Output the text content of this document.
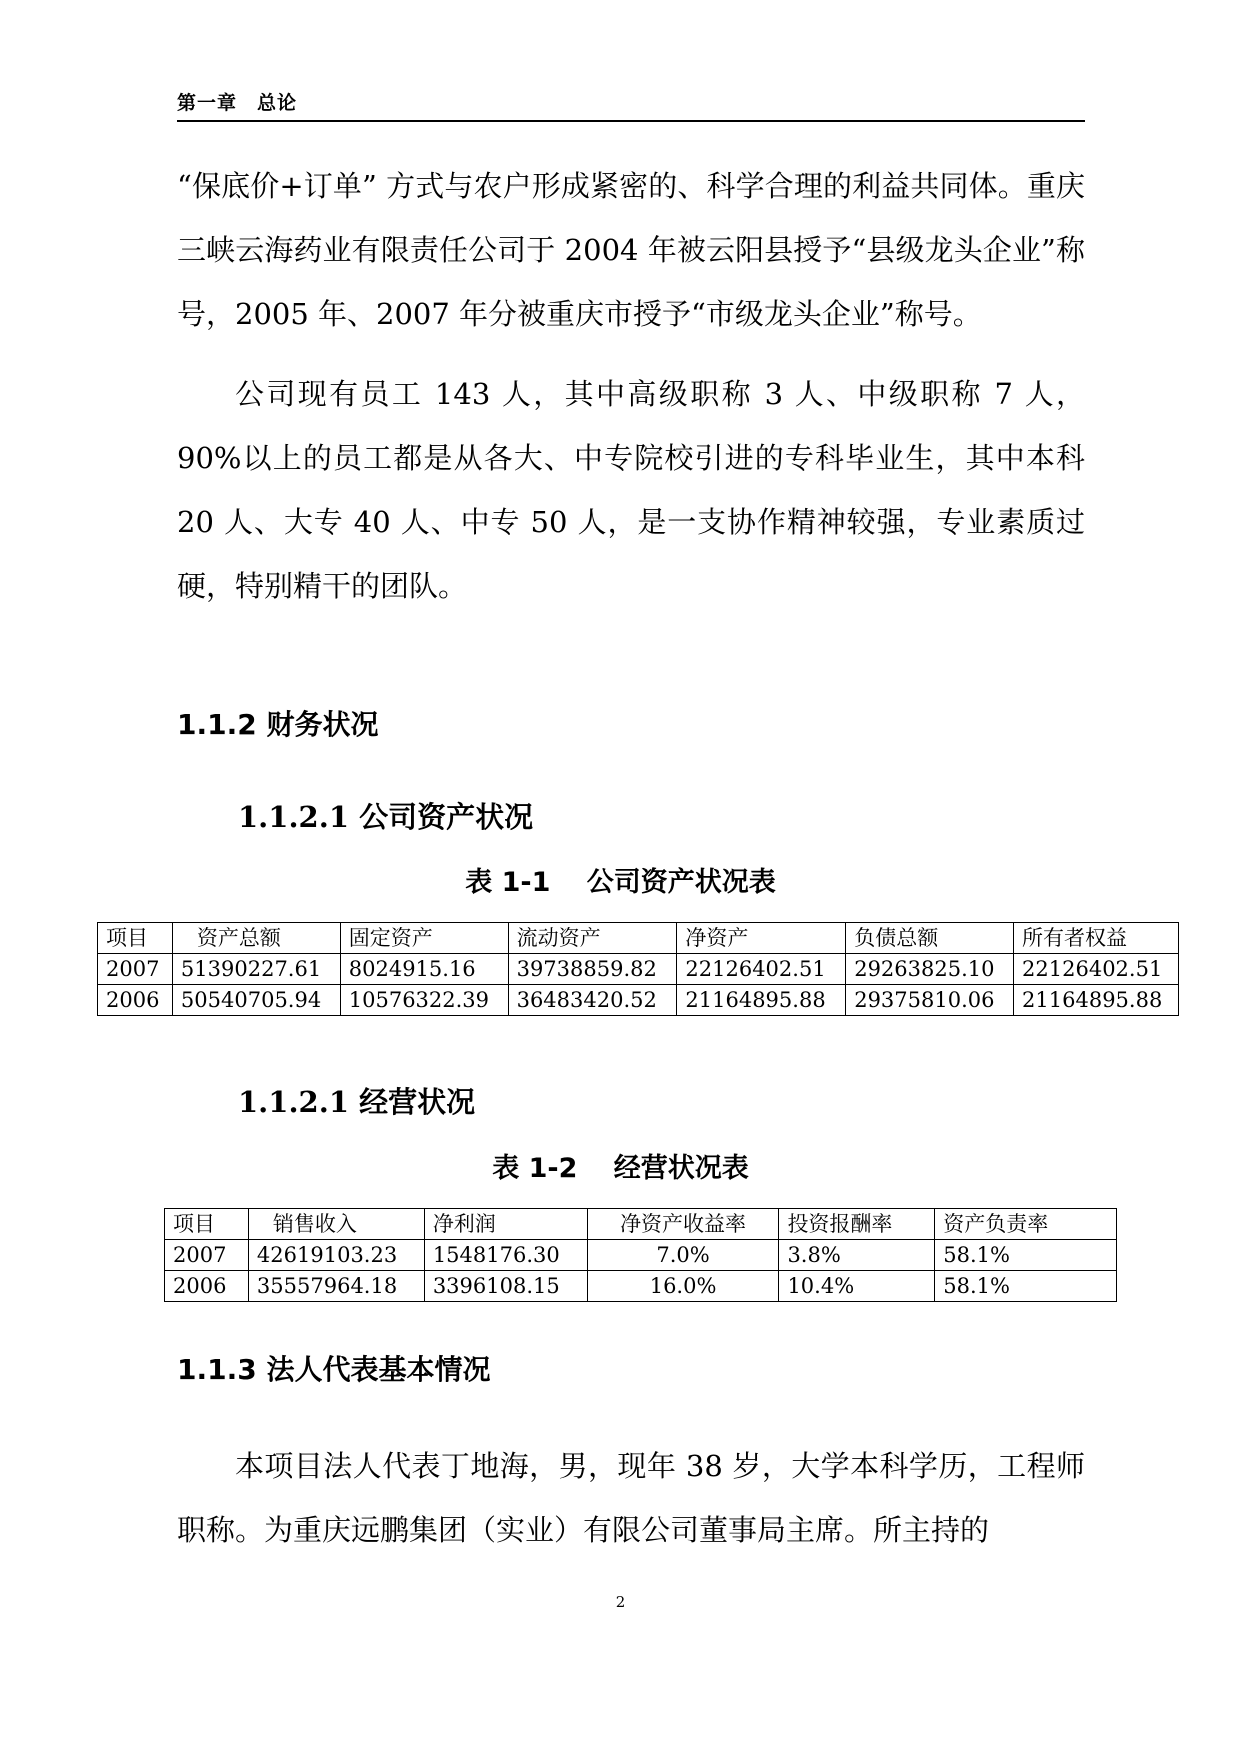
第一章　总论

“保底价+订单” 方式与农户形成紧密的、科学合理的利益共同体。重庆三峡云海药业有限责任公司于 2004 年被云阳县授予“县级龙头企业”称号，2005 年、2007 年分被重庆市授予“市级龙头企业”称号。

公司现有员工 143 人，其中高级职称 3 人、中级职称 7 人，90%以上的员工都是从各大、中专院校引进的专科毕业生，其中本科 20 人、大专 40 人、中专 50 人，是一支协作精神较强，专业素质过硬，特别精干的团队。

1.1.2 财务状况
1.1.2.1 公司资产状况
表 1-1　 公司资产状况表
项目	资产总额	固定资产	流动资产	净资产	负债总额	所有者权益
2007	51390227.61	8024915.16	39738859.82	22126402.51	29263825.10	22126402.51
2006	50540705.94	10576322.39	36483420.52	21164895.88	29375810.06	21164895.88
1.1.2.1 经营状况
表 1-2　 经营状况表
项目	销售收入	净利润	净资产收益率	投资报酬率	资产负责率
2007	42619103.23	1548176.30	7.0%	3.8%	58.1%
2006	35557964.18	3396108.15	16.0%	10.4%	58.1%
1.1.3 法人代表基本情况

本项目法人代表丁地海，男，现年 38 岁，大学本科学历，工程师职称。为重庆远鹏集团（实业）有限公司董事局主席。所主持的

2
